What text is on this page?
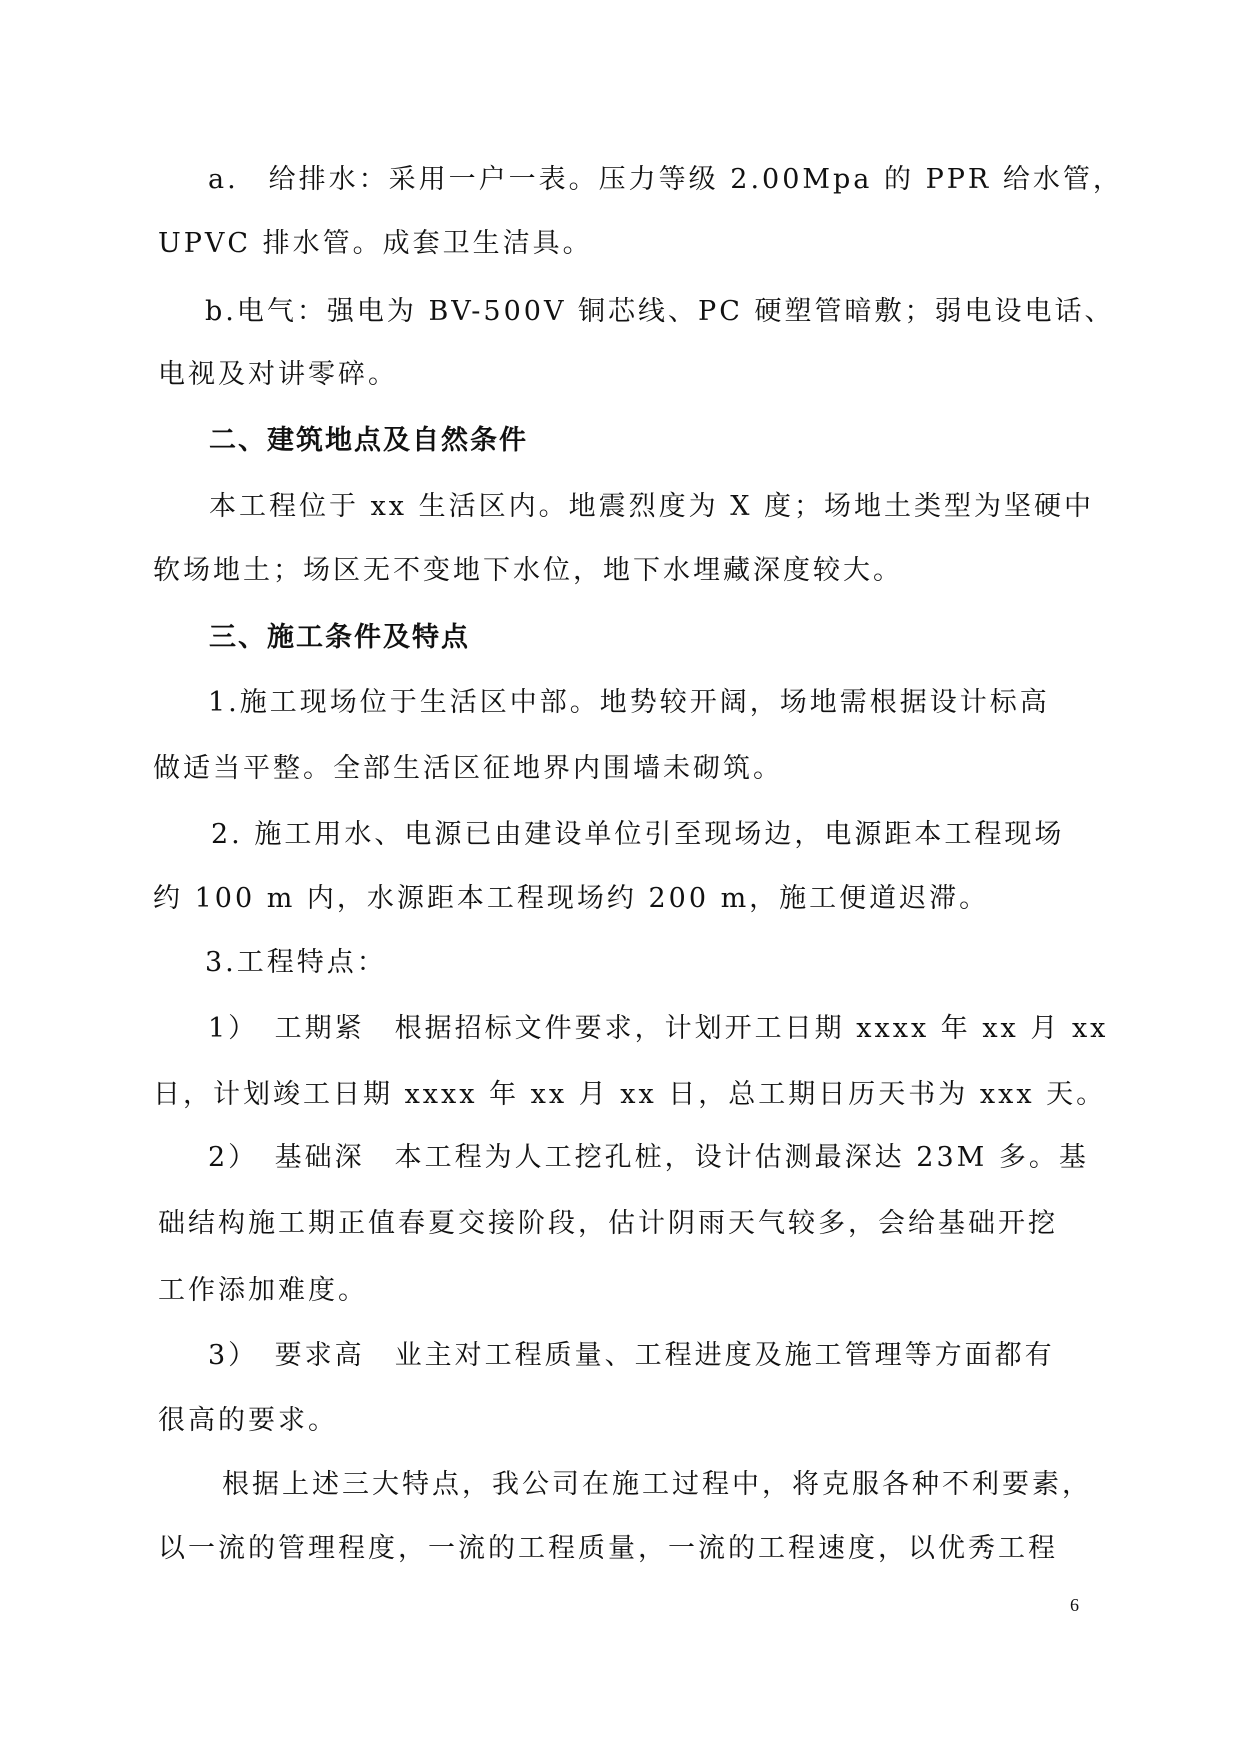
a.　给排水：采用一户一表。压力等级 2.00Mpa 的 PPR 给水管，
UPVC 排水管。成套卫生洁具。
b.电气：强电为 BV-500V 铜芯线、PC 硬塑管暗敷；弱电设电话、
电视及对讲零碎。
二、建筑地点及自然条件
本工程位于 xx 生活区内。地震烈度为 X 度；场地土类型为坚硬中
软场地土；场区无不变地下水位，地下水埋藏深度较大。
三、施工条件及特点
1.施工现场位于生活区中部。地势较开阔，场地需根据设计标高
做适当平整。全部生活区征地界内围墙未砌筑。
2. 施工用水、电源已由建设单位引至现场边，电源距本工程现场
约 100 m 内，水源距本工程现场约 200 m，施工便道迟滞。
3.工程特点：
1）　工期紧　根据招标文件要求，计划开工日期 xxxx 年 xx 月 xx
日，计划竣工日期 xxxx 年 xx 月 xx 日，总工期日历天书为 xxx 天。
2）　基础深　本工程为人工挖孔桩，设计估测最深达 23M 多。基
础结构施工期正值春夏交接阶段，估计阴雨天气较多，会给基础开挖
工作添加难度。
3）　要求高　业主对工程质量、工程进度及施工管理等方面都有
很高的要求。
根据上述三大特点，我公司在施工过程中，将克服各种不利要素，
以一流的管理程度，一流的工程质量，一流的工程速度，以优秀工程
6
